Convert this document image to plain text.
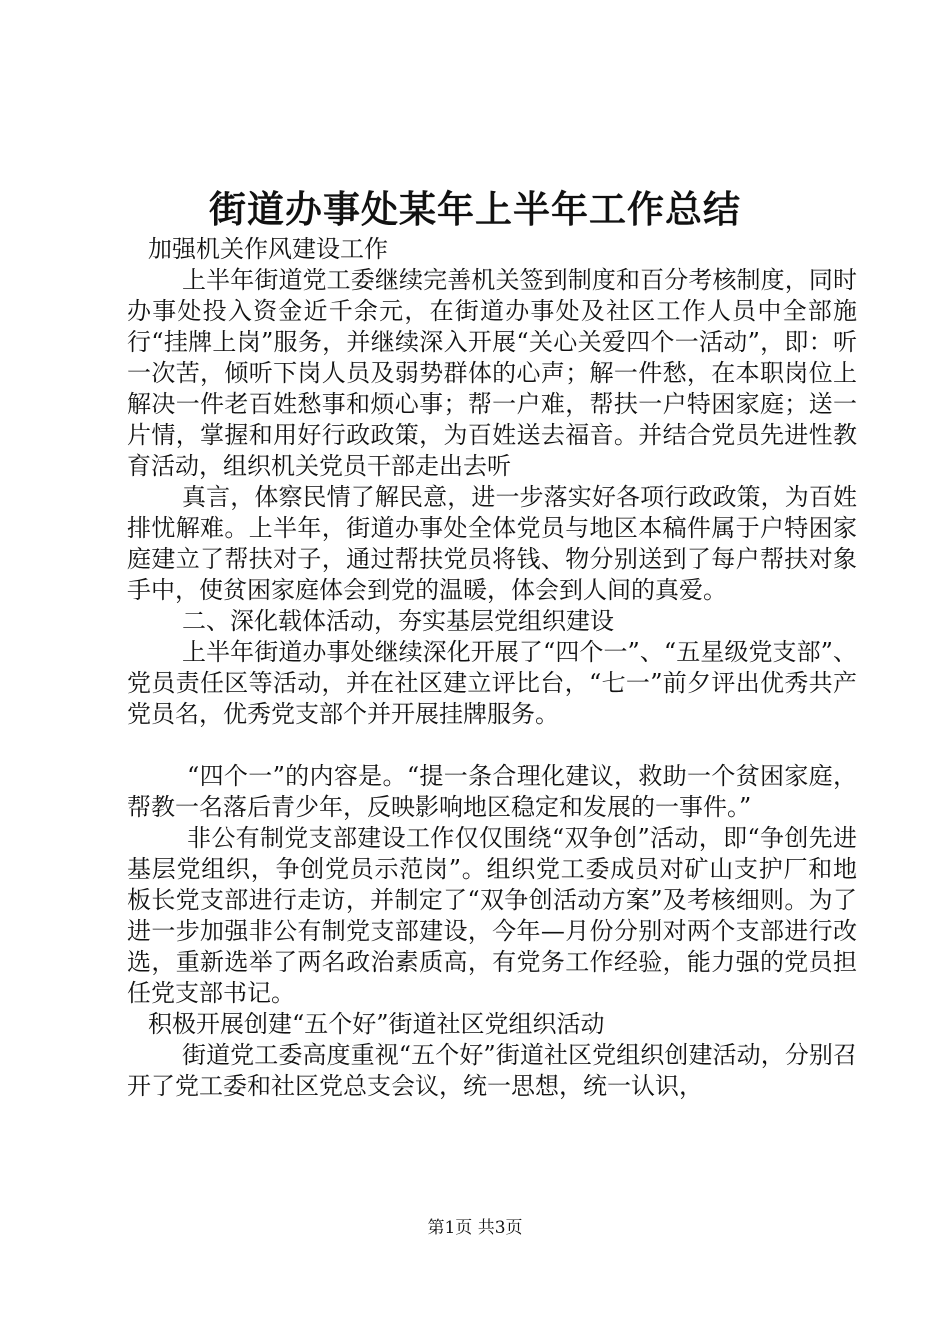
街道办事处某年上半年工作总结

加强机关作风建设工作

上半年街道党工委继续完善机关签到制度和百分考核制度，同时办事处投入资金近千余元，在街道办事处及社区工作人员中全部施行“挂牌上岗”服务，并继续深入开展“关心关爱四个一活动”，即：听一次苦，倾听下岗人员及弱势群体的心声；解一件愁，在本职岗位上解决一件老百姓愁事和烦心事；帮一户难，帮扶一户特困家庭；送一片情，掌握和用好行政政策，为百姓送去福音。并结合党员先进性教育活动，组织机关党员干部走出去听

真言，体察民情了解民意，进一步落实好各项行政政策，为百姓排忧解难。上半年，街道办事处全体党员与地区本稿件属于户特困家庭建立了帮扶对子，通过帮扶党员将钱、物分别送到了每户帮扶对象手中，使贫困家庭体会到党的温暖，体会到人间的真爱。

二、深化载体活动，夯实基层党组织建设

上半年街道办事处继续深化开展了“四个一”、“五星级党支部”、党员责任区等活动，并在社区建立评比台，“七一”前夕评出优秀共产党员名，优秀党支部个并开展挂牌服务。

“四个一”的内容是。“提一条合理化建议，救助一个贫困家庭，帮教一名落后青少年，反映影响地区稳定和发展的一事件。”

非公有制党支部建设工作仅仅围绕“双争创”活动，即“争创先进基层党组织，争创党员示范岗”。组织党工委成员对矿山支护厂和地板长党支部进行走访，并制定了“双争创活动方案”及考核细则。为了进一步加强非公有制党支部建设，今年—月份分别对两个支部进行改选，重新选举了两名政治素质高，有党务工作经验，能力强的党员担任党支部书记。

积极开展创建“五个好”街道社区党组织活动

街道党工委高度重视“五个好”街道社区党组织创建活动，分别召开了党工委和社区党总支会议，统一思想，统一认识，

第1页 共3页
